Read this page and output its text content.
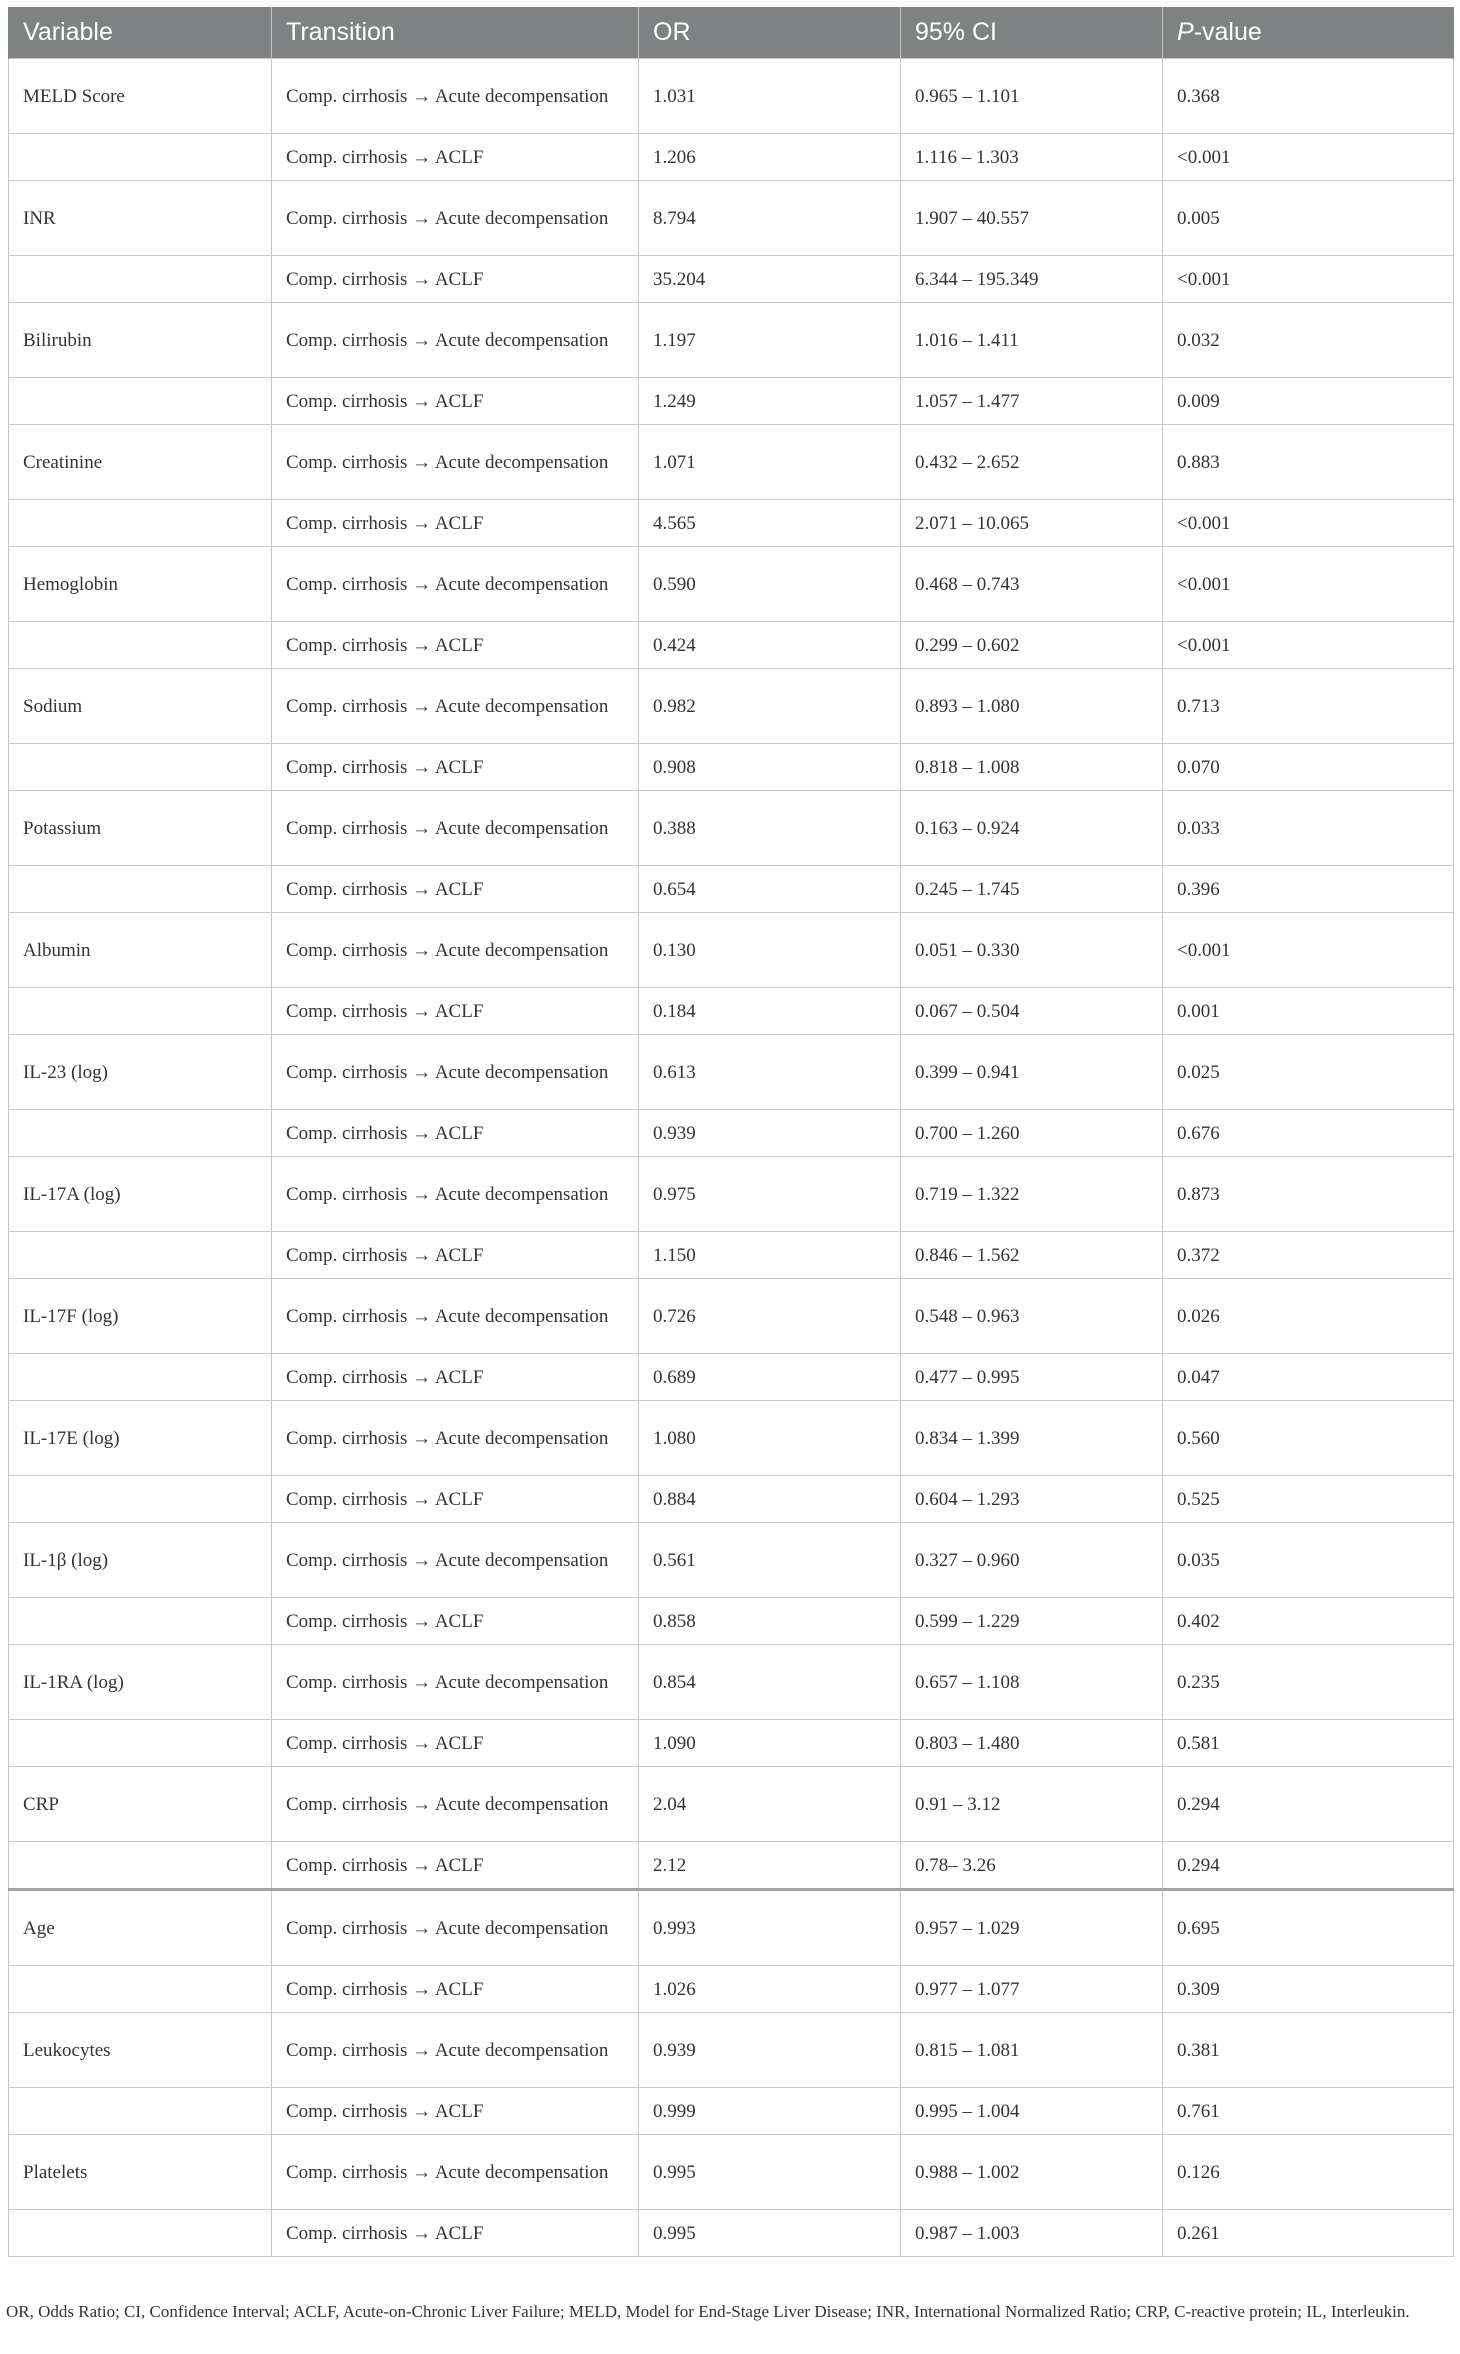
Variable	Transition	OR	95% CI	P-value
MELD Score	Comp. cirrhosis → Acute decompensation	1.031	0.965 – 1.101	0.368
	Comp. cirrhosis → ACLF	1.206	1.116 – 1.303	<0.001
INR	Comp. cirrhosis → Acute decompensation	8.794	1.907 – 40.557	0.005
	Comp. cirrhosis → ACLF	35.204	6.344 – 195.349	<0.001
Bilirubin	Comp. cirrhosis → Acute decompensation	1.197	1.016 – 1.411	0.032
	Comp. cirrhosis → ACLF	1.249	1.057 – 1.477	0.009
Creatinine	Comp. cirrhosis → Acute decompensation	1.071	0.432 – 2.652	0.883
	Comp. cirrhosis → ACLF	4.565	2.071 – 10.065	<0.001
Hemoglobin	Comp. cirrhosis → Acute decompensation	0.590	0.468 – 0.743	<0.001
	Comp. cirrhosis → ACLF	0.424	0.299 – 0.602	<0.001
Sodium	Comp. cirrhosis → Acute decompensation	0.982	0.893 – 1.080	0.713
	Comp. cirrhosis → ACLF	0.908	0.818 – 1.008	0.070
Potassium	Comp. cirrhosis → Acute decompensation	0.388	0.163 – 0.924	0.033
	Comp. cirrhosis → ACLF	0.654	0.245 – 1.745	0.396
Albumin	Comp. cirrhosis → Acute decompensation	0.130	0.051 – 0.330	<0.001
	Comp. cirrhosis → ACLF	0.184	0.067 – 0.504	0.001
IL-23 (log)	Comp. cirrhosis → Acute decompensation	0.613	0.399 – 0.941	0.025
	Comp. cirrhosis → ACLF	0.939	0.700 – 1.260	0.676
IL-17A (log)	Comp. cirrhosis → Acute decompensation	0.975	0.719 – 1.322	0.873
	Comp. cirrhosis → ACLF	1.150	0.846 – 1.562	0.372
IL-17F (log)	Comp. cirrhosis → Acute decompensation	0.726	0.548 – 0.963	0.026
	Comp. cirrhosis → ACLF	0.689	0.477 – 0.995	0.047
IL-17E (log)	Comp. cirrhosis → Acute decompensation	1.080	0.834 – 1.399	0.560
	Comp. cirrhosis → ACLF	0.884	0.604 – 1.293	0.525
IL-1β (log)	Comp. cirrhosis → Acute decompensation	0.561	0.327 – 0.960	0.035
	Comp. cirrhosis → ACLF	0.858	0.599 – 1.229	0.402
IL-1RA (log)	Comp. cirrhosis → Acute decompensation	0.854	0.657 – 1.108	0.235
	Comp. cirrhosis → ACLF	1.090	0.803 – 1.480	0.581
CRP	Comp. cirrhosis → Acute decompensation	2.04	0.91 – 3.12	0.294
	Comp. cirrhosis → ACLF	2.12	0.78– 3.26	0.294
Age	Comp. cirrhosis → Acute decompensation	0.993	0.957 – 1.029	0.695
	Comp. cirrhosis → ACLF	1.026	0.977 – 1.077	0.309
Leukocytes	Comp. cirrhosis → Acute decompensation	0.939	0.815 – 1.081	0.381
	Comp. cirrhosis → ACLF	0.999	0.995 – 1.004	0.761
Platelets	Comp. cirrhosis → Acute decompensation	0.995	0.988 – 1.002	0.126
	Comp. cirrhosis → ACLF	0.995	0.987 – 1.003	0.261
OR, Odds Ratio; CI, Confidence Interval; ACLF, Acute-on-Chronic Liver Failure; MELD, Model for End-Stage Liver Disease; INR, International Normalized Ratio; CRP, C-reactive protein; IL, Interleukin.
